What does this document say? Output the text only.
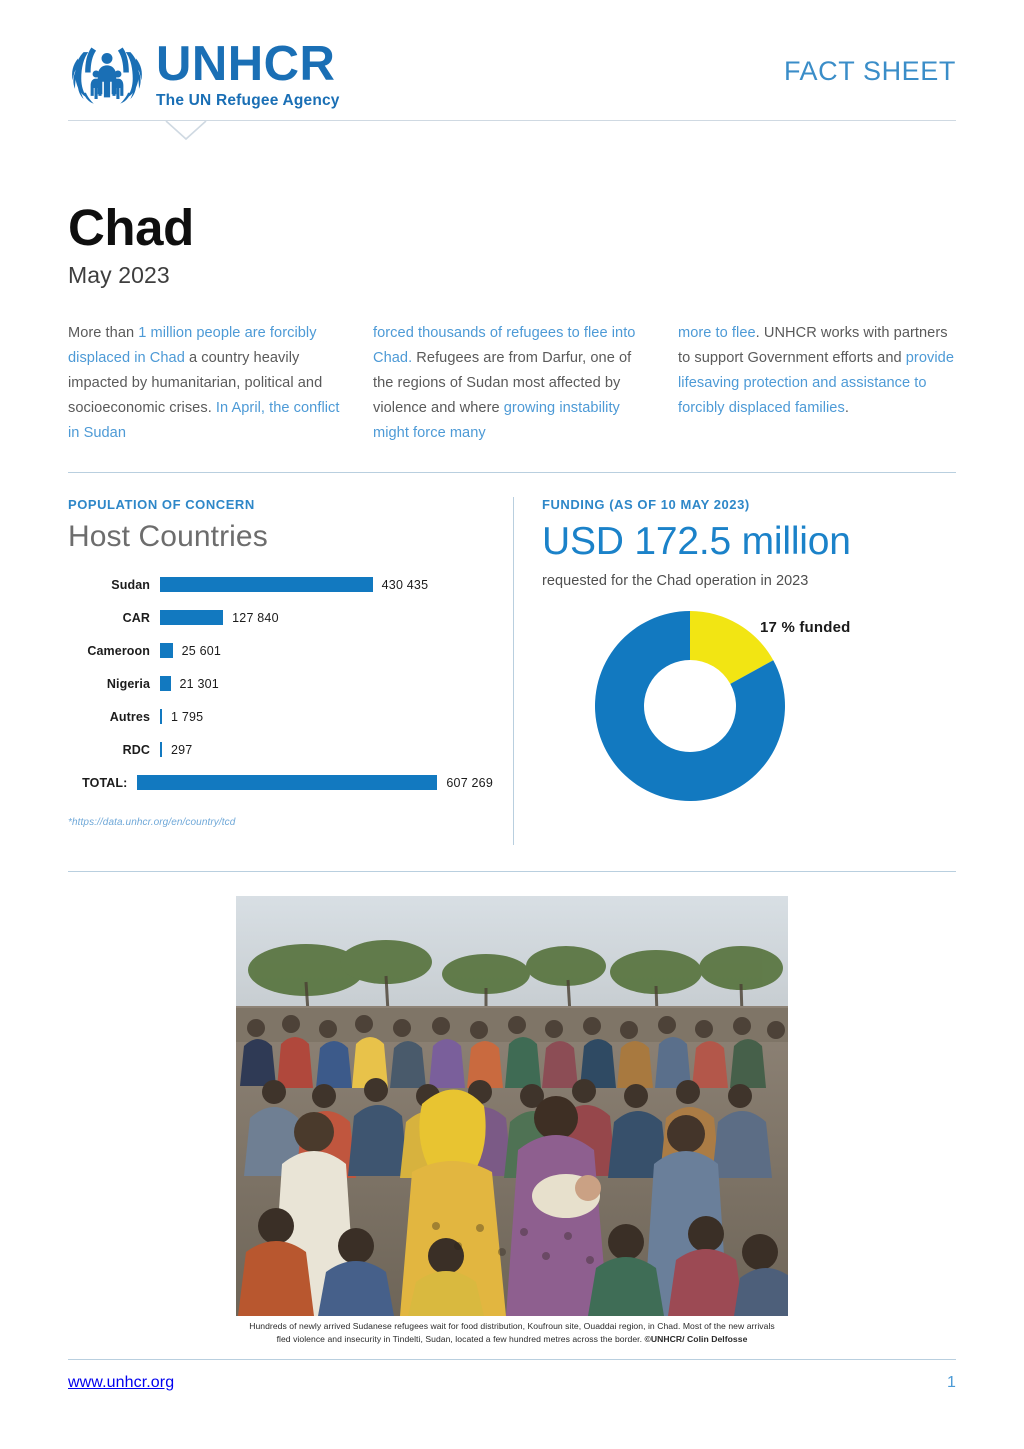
UNHCR
The UN Refugee Agency
FACT SHEET
Chad
May 2023
More than 1 million people are forcibly displaced in Chad a country heavily impacted by humanitarian, political and socioeconomic crises. In April, the conflict in Sudan
forced thousands of refugees to flee into Chad. Refugees are from Darfur, one of the regions of Sudan most affected by violence and where growing instability might force many
more to flee. UNHCR works with partners to support Government efforts and provide lifesaving protection and assistance to forcibly displaced families.
POPULATION OF CONCERN
Host Countries
Sudan	430 435
CAR	127 840
Cameroon	25 601
Nigeria	21 301
Autres	1 795
RDC	297
TOTAL:	607 269
*https://data.unhcr.org/en/country/tcd
FUNDING (AS OF 10 MAY 2023)
USD 172.5 million
requested for the Chad operation in 2023
17 % funded
Hundreds of newly arrived Sudanese refugees wait for food distribution, Koufroun site, Ouaddai region, in Chad. Most of the new arrivals fled violence and insecurity in Tindelti, Sudan, located a few hundred metres across the border. ©UNHCR/ Colin Delfosse
www.unhcr.org	1
